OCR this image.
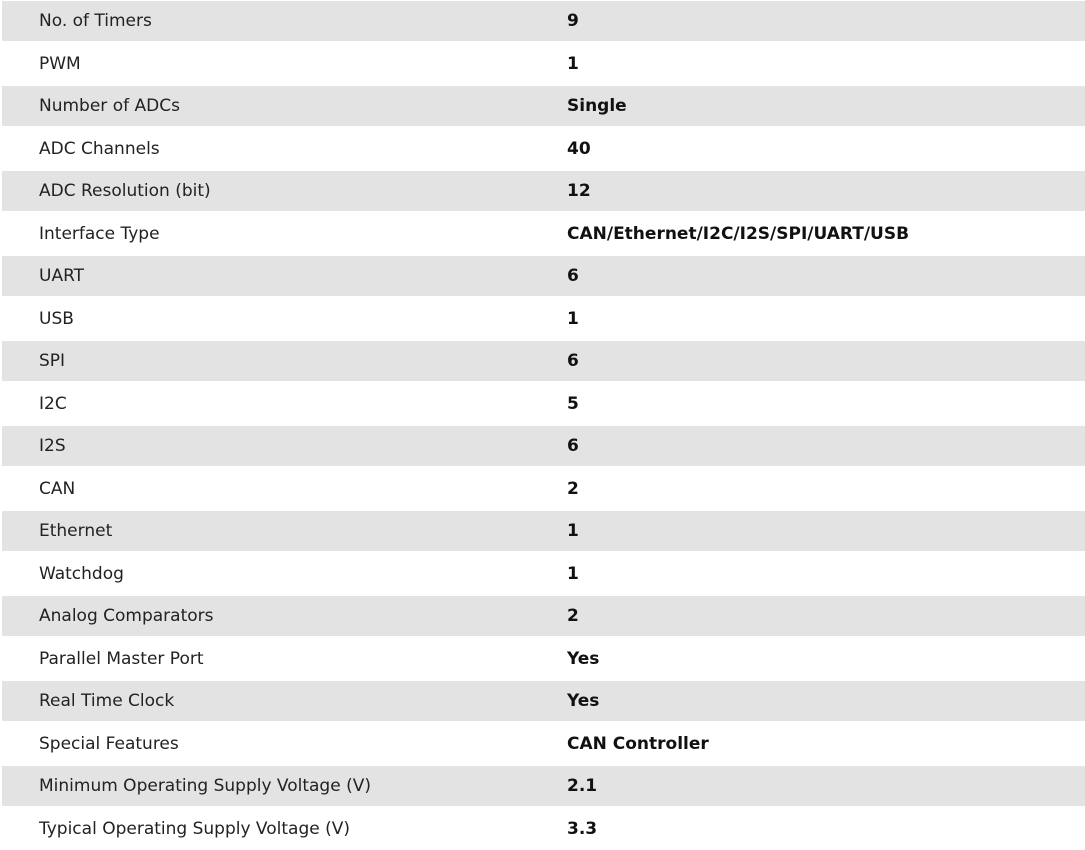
No. of Timers	9
PWM	1
Number of ADCs	Single
ADC Channels	40
ADC Resolution (bit)	12
Interface Type	CAN/Ethernet/I2C/I2S/SPI/UART/USB
UART	6
USB	1
SPI	6
I2C	5
I2S	6
CAN	2
Ethernet	1
Watchdog	1
Analog Comparators	2
Parallel Master Port	Yes
Real Time Clock	Yes
Special Features	CAN Controller
Minimum Operating Supply Voltage (V)	2.1
Typical Operating Supply Voltage (V)	3.3
